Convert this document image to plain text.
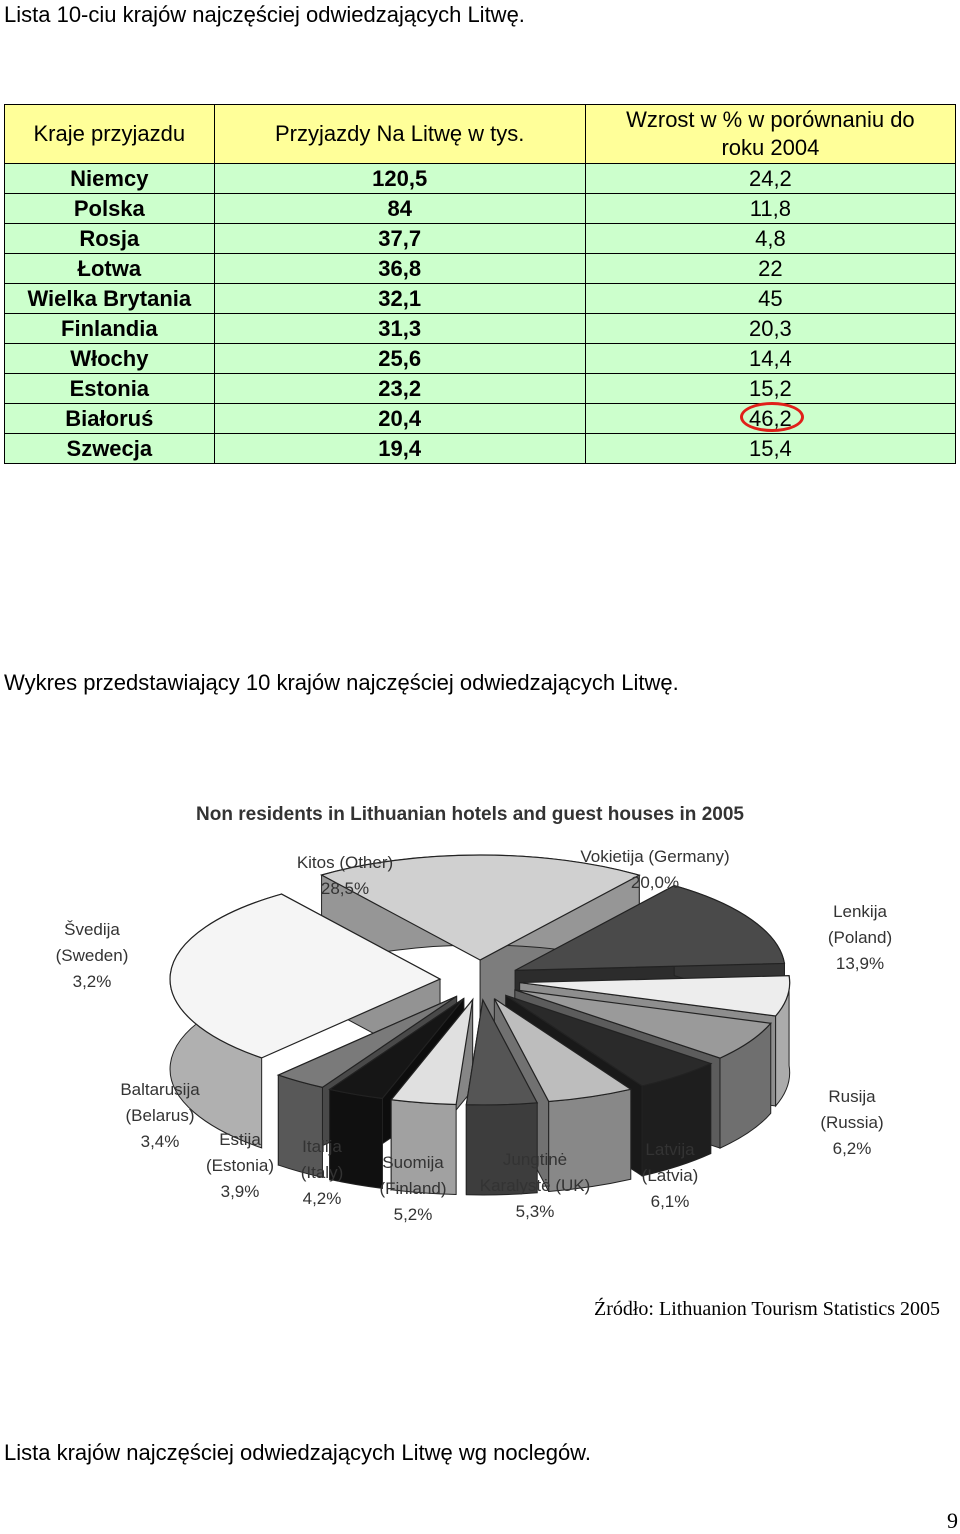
Lista 10-ciu krajów najczęściej odwiedzających Litwę.
Kraje przyjazdu	Przyjazdy Na Litwę w tys.	Wzrost w % w porównaniu do
roku 2004
Niemcy	120,5	24,2
Polska	84	11,8
Rosja	37,7	4,8
Łotwa	36,8	22
Wielka Brytania	32,1	45
Finlandia	31,3	20,3
Włochy	25,6	14,4
Estonia	23,2	15,2
Białoruś	20,4	46,2

Szwecja	19,4	15,4
Wykres przedstawiający 10 krajów najczęściej odwiedzających Litwę.
Non residents in Lithuanian hotels and guest houses in 2005
Vokietija (Germany)
20,0%
Lenkija
(Poland)
13,9%
Rusija
(Russia)
6,2%
Latvija
(Latvia)
6,1%
Jungtinė
Karalystė (UK)
5,3%
Suomija
(Finland)
5,2%
Italija
(Italy)
4,2%
Estija
(Estonia)
3,9%
Baltarusija
(Belarus)
3,4%
Švedija
(Sweden)
3,2%
Kitos (Other)
28,5%
Źródło: Lithuanion Tourism Statistics 2005
Lista krajów najczęściej odwiedzających Litwę wg noclegów.
9
